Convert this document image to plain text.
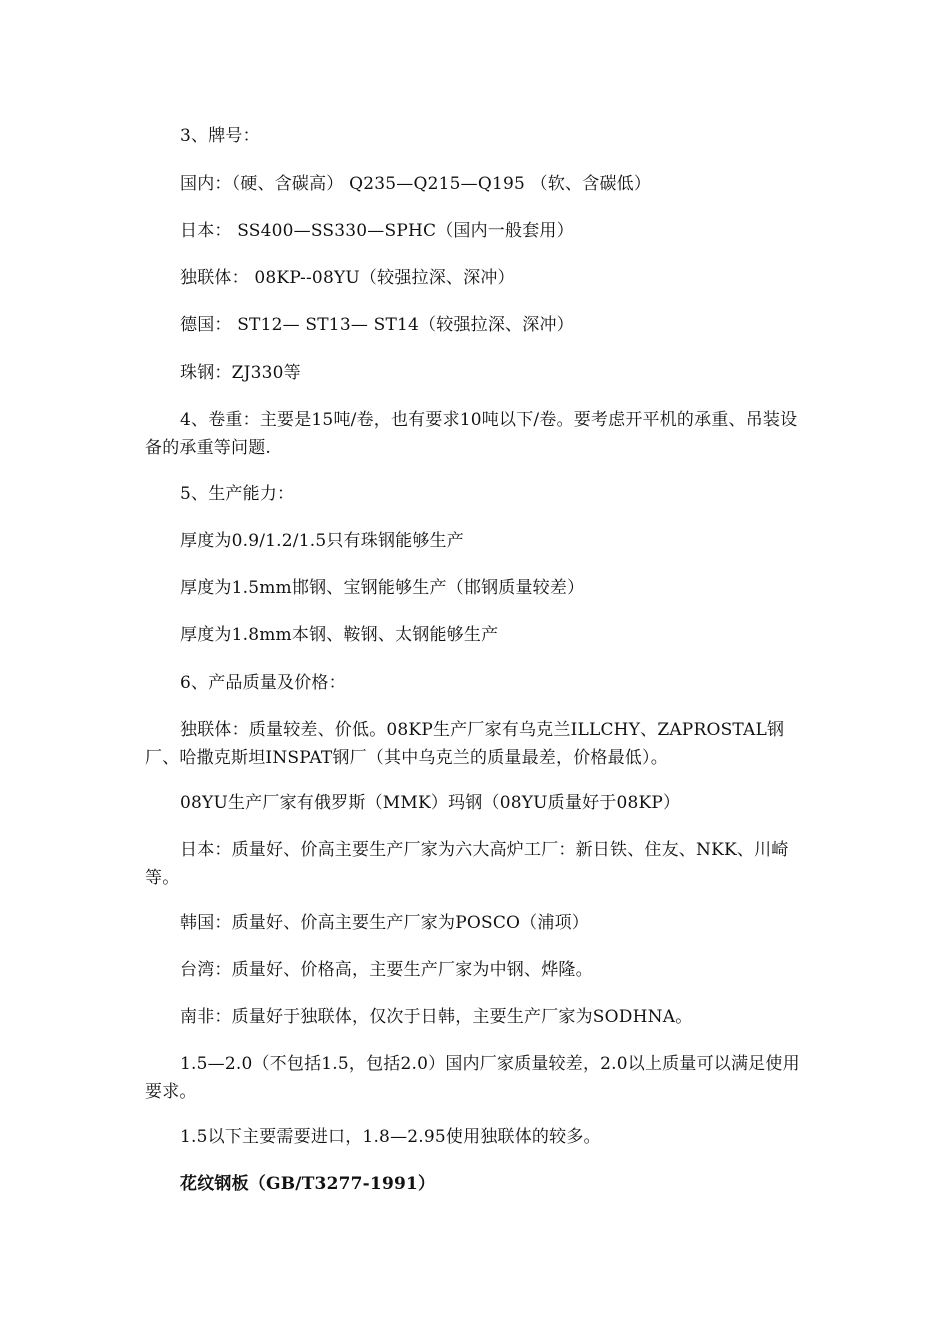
3、牌号：

国内：（硬、含碳高） Q235—Q215—Q195 （软、含碳低）

日本： SS400—SS330—SPHC（国内一般套用）

独联体： 08KP--08YU（较强拉深、深冲）

德国： ST12— ST13— ST14（较强拉深、深冲）

珠钢：ZJ330等

4、卷重：主要是15吨/卷，也有要求10吨以下/卷。要考虑开平机的承重、吊装设备的承重等问题.

5、生产能力：

厚度为0.9/1.2/1.5只有珠钢能够生产

厚度为1.5mm邯钢、宝钢能够生产（邯钢质量较差）

厚度为1.8mm本钢、鞍钢、太钢能够生产

6、产品质量及价格：

独联体：质量较差、价低。08KP生产厂家有乌克兰ILLCHY、ZAPROSTAL钢厂、哈撒克斯坦INSPAT钢厂（其中乌克兰的质量最差，价格最低）。

08YU生产厂家有俄罗斯（MMK）玛钢（08YU质量好于08KP）

日本：质量好、价高主要生产厂家为六大高炉工厂：新日铁、住友、NKK、川崎等。

韩国：质量好、价高主要生产厂家为POSCO（浦项）

台湾：质量好、价格高，主要生产厂家为中钢、烨隆。

南非：质量好于独联体，仅次于日韩，主要生产厂家为SODHNA。

1.5—2.0（不包括1.5，包括2.0）国内厂家质量较差，2.0以上质量可以满足使用要求。

1.5以下主要需要进口，1.8—2.95使用独联体的较多。

花纹钢板（GB/T3277-1991）
